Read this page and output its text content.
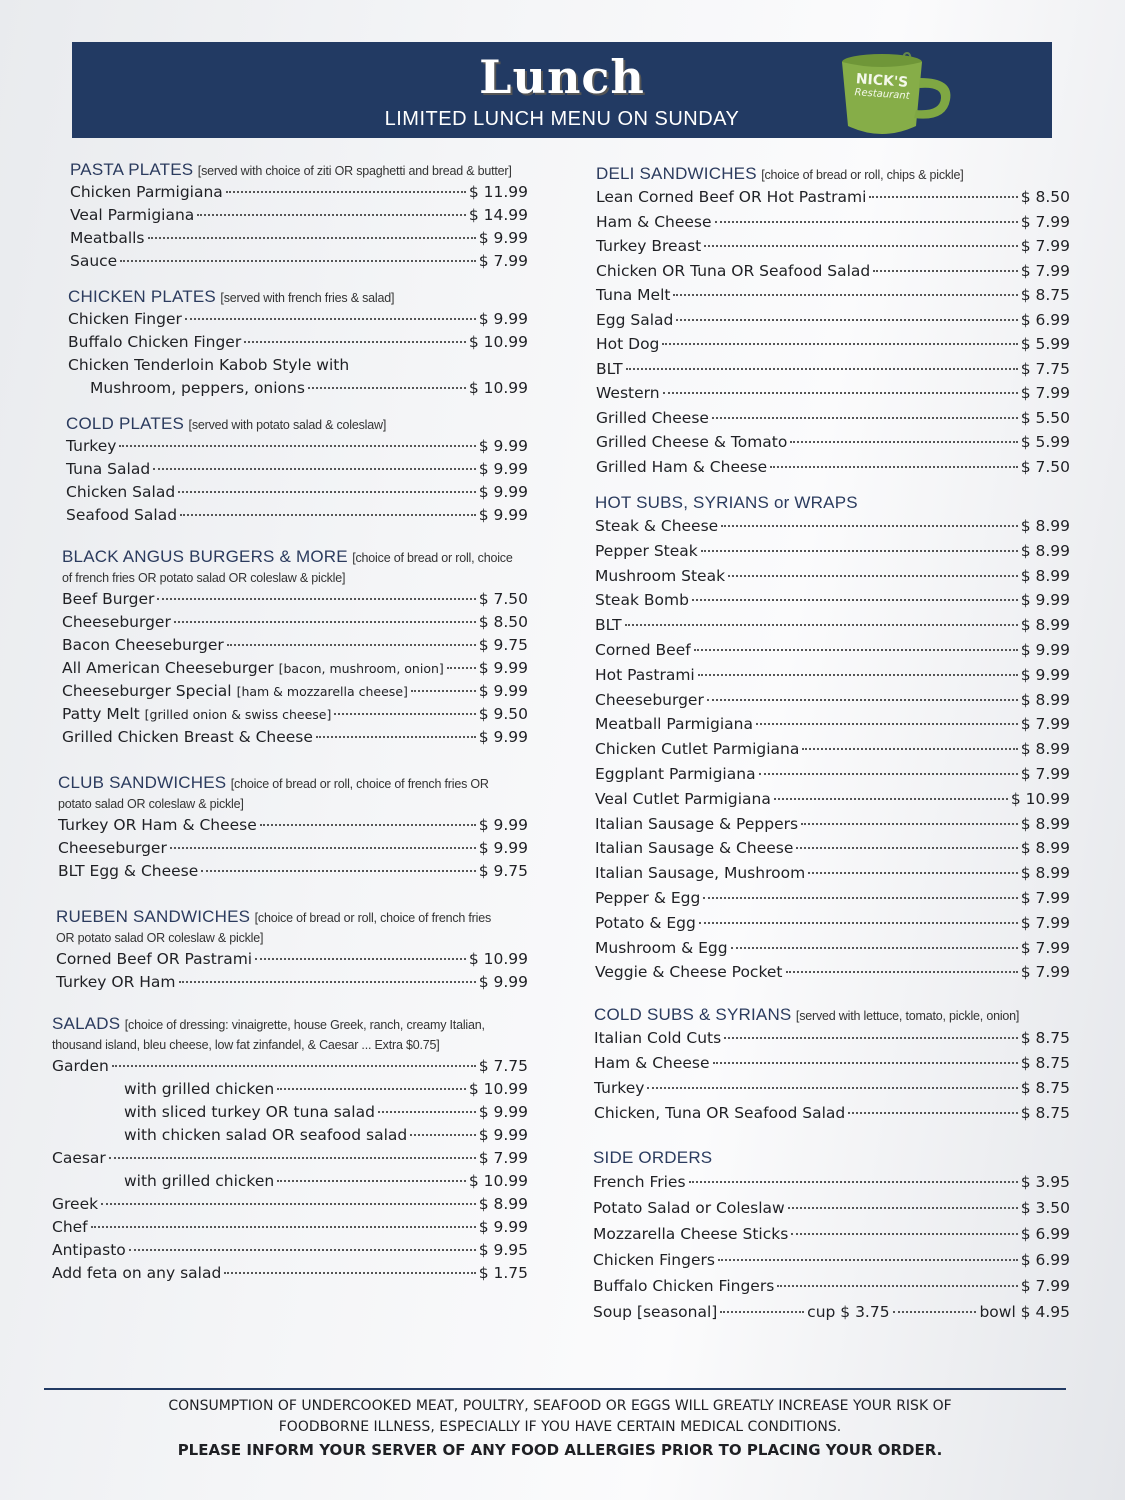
Lunch
LIMITED LUNCH MENU ON SUNDAY
NICK'S
Restaurant
PASTA PLATES [served with choice of ziti OR spaghetti and bread & butter]
Chicken Parmigiana	$ 11.99
Veal Parmigiana	$ 14.99
Meatballs	$ 9.99
Sauce	$ 7.99
CHICKEN PLATES [served with french fries & salad]
Chicken Finger	$ 9.99
Buffalo Chicken Finger	$ 10.99
Chicken Tenderloin Kabob Style with
Mushroom, peppers, onions	$ 10.99
COLD PLATES [served with potato salad & coleslaw]
Turkey	$ 9.99
Tuna Salad	$ 9.99
Chicken Salad	$ 9.99
Seafood Salad	$ 9.99
BLACK ANGUS BURGERS & MORE [choice of bread or roll, choice
of french fries OR potato salad OR coleslaw & pickle]
Beef Burger	$ 7.50
Cheeseburger	$ 8.50
Bacon Cheeseburger	$ 9.75
All American Cheeseburger [bacon, mushroom, onion] $ 9.99
Cheeseburger Special [ham & mozzarella cheese]	$ 9.99
Patty Melt [grilled onion & swiss cheese]	$ 9.50
Grilled Chicken Breast & Cheese	$ 9.99
CLUB SANDWICHES [choice of bread or roll, choice of french fries OR
potato salad OR coleslaw & pickle]
Turkey OR Ham & Cheese	$ 9.99
Cheeseburger	$ 9.99
BLT Egg & Cheese	$ 9.75
RUEBEN SANDWICHES [choice of bread or roll, choice of french fries
OR potato salad OR coleslaw & pickle]
Corned Beef OR Pastrami	$ 10.99
Turkey OR Ham	$ 9.99
SALADS [choice of dressing: vinaigrette, house Greek, ranch, creamy Italian,
thousand island, bleu cheese, low fat zinfandel, & Caesar ... Extra $0.75]
Garden	$ 7.75
with grilled chicken	$ 10.99
with sliced turkey OR tuna salad	$ 9.99
with chicken salad OR seafood salad	$ 9.99
Caesar	$ 7.99
with grilled chicken	$ 10.99
Greek	$ 8.99
Chef	$ 9.99
Antipasto	$ 9.95
Add feta on any salad	$ 1.75
DELI SANDWICHES [choice of bread or roll, chips & pickle]
Lean Corned Beef OR Hot Pastrami	$ 8.50
Ham & Cheese	$ 7.99
Turkey Breast	$ 7.99
Chicken OR Tuna OR Seafood Salad	$ 7.99
Tuna Melt	$ 8.75
Egg Salad	$ 6.99
Hot Dog	$ 5.99
BLT	$ 7.75
Western	$ 7.99
Grilled Cheese	$ 5.50
Grilled Cheese & Tomato	$ 5.99
Grilled Ham & Cheese	$ 7.50
HOT SUBS, SYRIANS or WRAPS
Steak & Cheese	$ 8.99
Pepper Steak	$ 8.99
Mushroom Steak	$ 8.99
Steak Bomb	$ 9.99
BLT	$ 8.99
Corned Beef	$ 9.99
Hot Pastrami	$ 9.99
Cheeseburger	$ 8.99
Meatball Parmigiana	$ 7.99
Chicken Cutlet Parmigiana	$ 8.99
Eggplant Parmigiana	$ 7.99
Veal Cutlet Parmigiana	$ 10.99
Italian Sausage & Peppers	$ 8.99
Italian Sausage & Cheese	$ 8.99
Italian Sausage, Mushroom	$ 8.99
Pepper & Egg	$ 7.99
Potato & Egg	$ 7.99
Mushroom & Egg	$ 7.99
Veggie & Cheese Pocket	$ 7.99
COLD SUBS & SYRIANS [served with lettuce, tomato, pickle, onion]
Italian Cold Cuts	$ 8.75
Ham & Cheese	$ 8.75
Turkey	$ 8.75
Chicken, Tuna OR Seafood Salad	$ 8.75
SIDE ORDERS
French Fries	$ 3.95
Potato Salad or Coleslaw	$ 3.50
Mozzarella Cheese Sticks	$ 6.99
Chicken Fingers	$ 6.99
Buffalo Chicken Fingers	$ 7.99
Soup [seasonal]	cup $ 3.75	bowl $ 4.95
CONSUMPTION OF UNDERCOOKED MEAT, POULTRY, SEAFOOD OR EGGS WILL GREATLY INCREASE YOUR RISK OF
FOODBORNE ILLNESS, ESPECIALLY IF YOU HAVE CERTAIN MEDICAL CONDITIONS.
PLEASE INFORM YOUR SERVER OF ANY FOOD ALLERGIES PRIOR TO PLACING YOUR ORDER.
